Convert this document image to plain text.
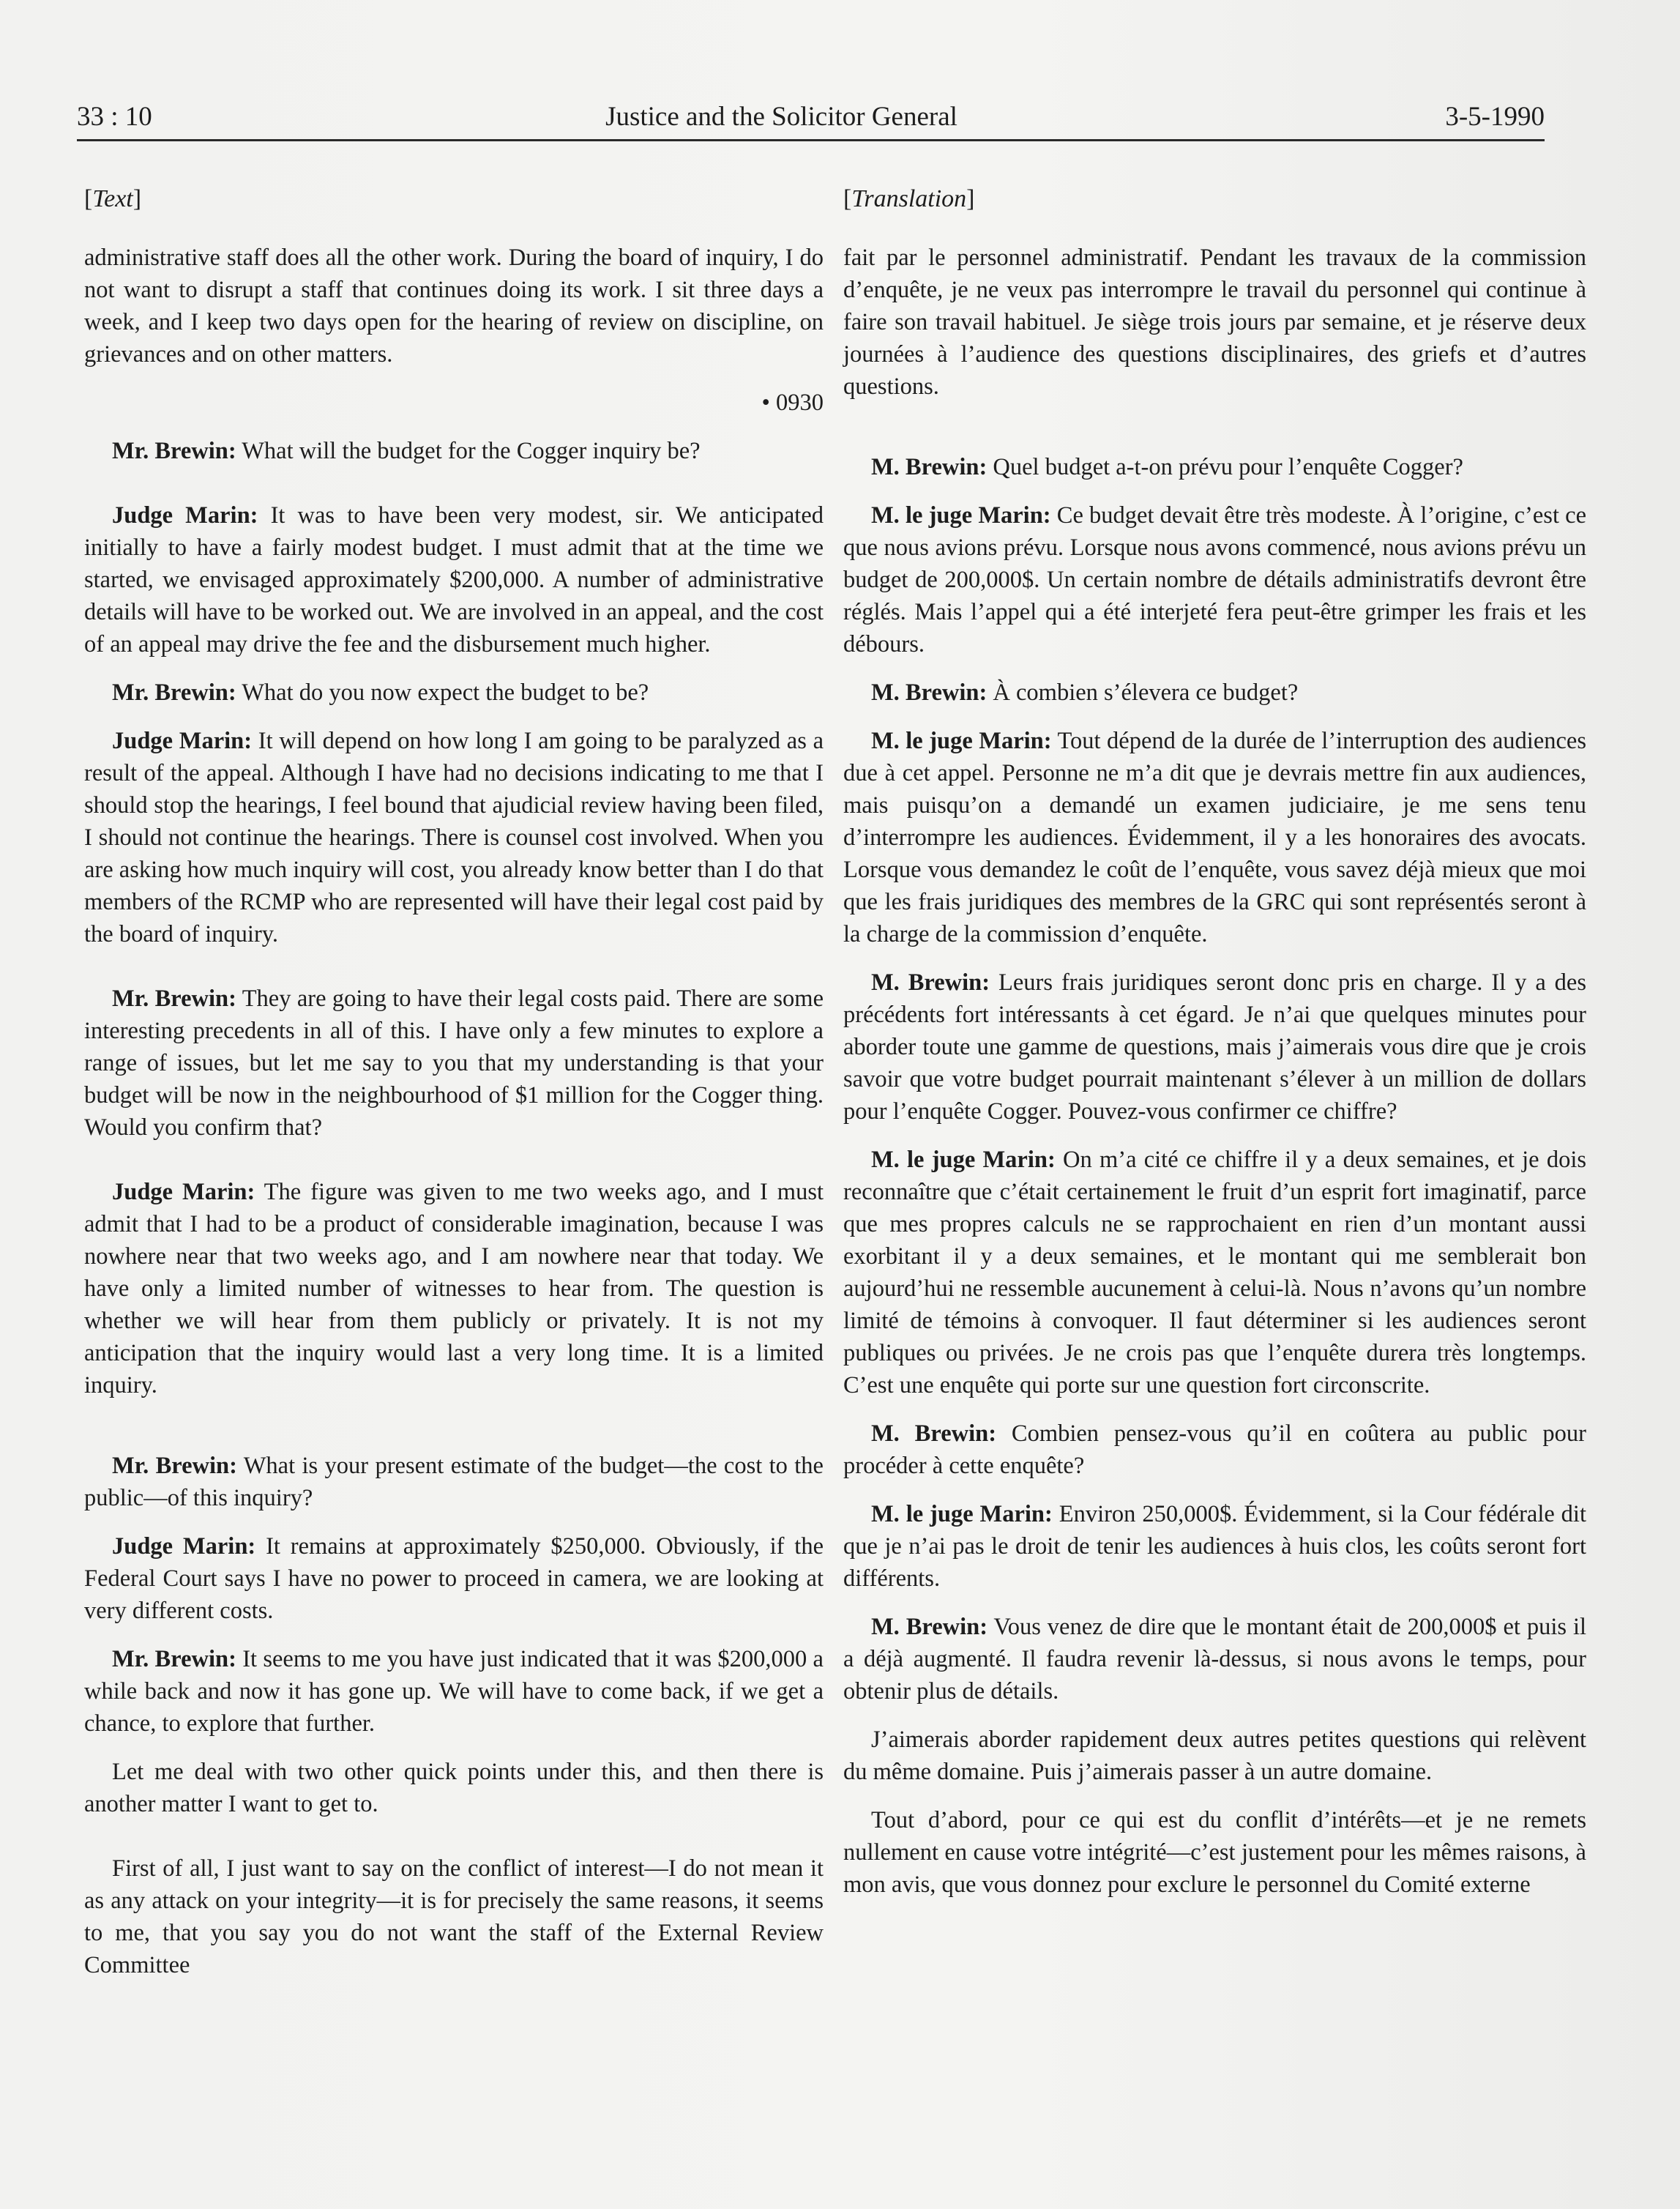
33 : 10	Justice and the Solicitor General	3-5-1990
[Text]

administrative staff does all the other work. During the board of inquiry, I do not want to disrupt a staff that continues doing its work. I sit three days a week, and I keep two days open for the hearing of review on discipline, on grievances and on other matters.

• 0930

Mr. Brewin: What will the budget for the Cogger inquiry be?

Judge Marin: It was to have been very modest, sir. We anticipated initially to have a fairly modest budget. I must admit that at the time we started, we envisaged approximately $200,000. A number of administrative details will have to be worked out. We are involved in an appeal, and the cost of an appeal may drive the fee and the disbursement much higher.

Mr. Brewin: What do you now expect the budget to be?

Judge Marin: It will depend on how long I am going to be paralyzed as a result of the appeal. Although I have had no decisions indicating to me that I should stop the hearings, I feel bound that ajudicial review having been filed, I should not continue the hearings. There is counsel cost involved. When you are asking how much inquiry will cost, you already know better than I do that members of the RCMP who are represented will have their legal cost paid by the board of inquiry.

Mr. Brewin: They are going to have their legal costs paid. There are some interesting precedents in all of this. I have only a few minutes to explore a range of issues, but let me say to you that my understanding is that your budget will be now in the neighbourhood of $1 million for the Cogger thing. Would you confirm that?

Judge Marin: The figure was given to me two weeks ago, and I must admit that I had to be a product of considerable imagination, because I was nowhere near that two weeks ago, and I am nowhere near that today. We have only a limited number of witnesses to hear from. The question is whether we will hear from them publicly or privately. It is not my anticipation that the inquiry would last a very long time. It is a limited inquiry.

Mr. Brewin: What is your present estimate of the budget—the cost to the public—of this inquiry?

Judge Marin: It remains at approximately $250,000. Obviously, if the Federal Court says I have no power to proceed in camera, we are looking at very different costs.

Mr. Brewin: It seems to me you have just indicated that it was $200,000 a while back and now it has gone up. We will have to come back, if we get a chance, to explore that further.

Let me deal with two other quick points under this, and then there is another matter I want to get to.

First of all, I just want to say on the conflict of interest—I do not mean it as any attack on your integrity—it is for precisely the same reasons, it seems to me, that you say you do not want the staff of the External Review Committee

[Translation]

fait par le personnel administratif. Pendant les travaux de la commission d’enquête, je ne veux pas interrompre le travail du personnel qui continue à faire son travail habituel. Je siège trois jours par semaine, et je réserve deux journées à l’audience des questions disciplinaires, des griefs et d’autres questions.

M. Brewin: Quel budget a-t-on prévu pour l’enquête Cogger?

M. le juge Marin: Ce budget devait être très modeste. À l’origine, c’est ce que nous avions prévu. Lorsque nous avons commencé, nous avions prévu un budget de 200,000$. Un certain nombre de détails administratifs devront être réglés. Mais l’appel qui a été interjeté fera peut-être grimper les frais et les débours.

M. Brewin: À combien s’élevera ce budget?

M. le juge Marin: Tout dépend de la durée de l’interruption des audiences due à cet appel. Personne ne m’a dit que je devrais mettre fin aux audiences, mais puisqu’on a demandé un examen judiciaire, je me sens tenu d’interrompre les audiences. Évidemment, il y a les honoraires des avocats. Lorsque vous demandez le coût de l’enquête, vous savez déjà mieux que moi que les frais juridiques des membres de la GRC qui sont représentés seront à la charge de la commission d’enquête.

M. Brewin: Leurs frais juridiques seront donc pris en charge. Il y a des précédents fort intéressants à cet égard. Je n’ai que quelques minutes pour aborder toute une gamme de questions, mais j’aimerais vous dire que je crois savoir que votre budget pourrait maintenant s’élever à un million de dollars pour l’enquête Cogger. Pouvez-vous confirmer ce chiffre?

M. le juge Marin: On m’a cité ce chiffre il y a deux semaines, et je dois reconnaître que c’était certainement le fruit d’un esprit fort imaginatif, parce que mes propres calculs ne se rapprochaient en rien d’un montant aussi exorbitant il y a deux semaines, et le montant qui me semblerait bon aujourd’hui ne ressemble aucunement à celui-là. Nous n’avons qu’un nombre limité de témoins à convoquer. Il faut déterminer si les audiences seront publiques ou privées. Je ne crois pas que l’enquête durera très longtemps. C’est une enquête qui porte sur une question fort circonscrite.

M. Brewin: Combien pensez-vous qu’il en coûtera au public pour procéder à cette enquête?

M. le juge Marin: Environ 250,000$. Évidemment, si la Cour fédérale dit que je n’ai pas le droit de tenir les audiences à huis clos, les coûts seront fort différents.

M. Brewin: Vous venez de dire que le montant était de 200,000$ et puis il a déjà augmenté. Il faudra revenir là-dessus, si nous avons le temps, pour obtenir plus de détails.

J’aimerais aborder rapidement deux autres petites questions qui relèvent du même domaine. Puis j’aimerais passer à un autre domaine.

Tout d’abord, pour ce qui est du conflit d’intérêts—et je ne remets nullement en cause votre intégrité—c’est justement pour les mêmes raisons, à mon avis, que vous donnez pour exclure le personnel du Comité externe
